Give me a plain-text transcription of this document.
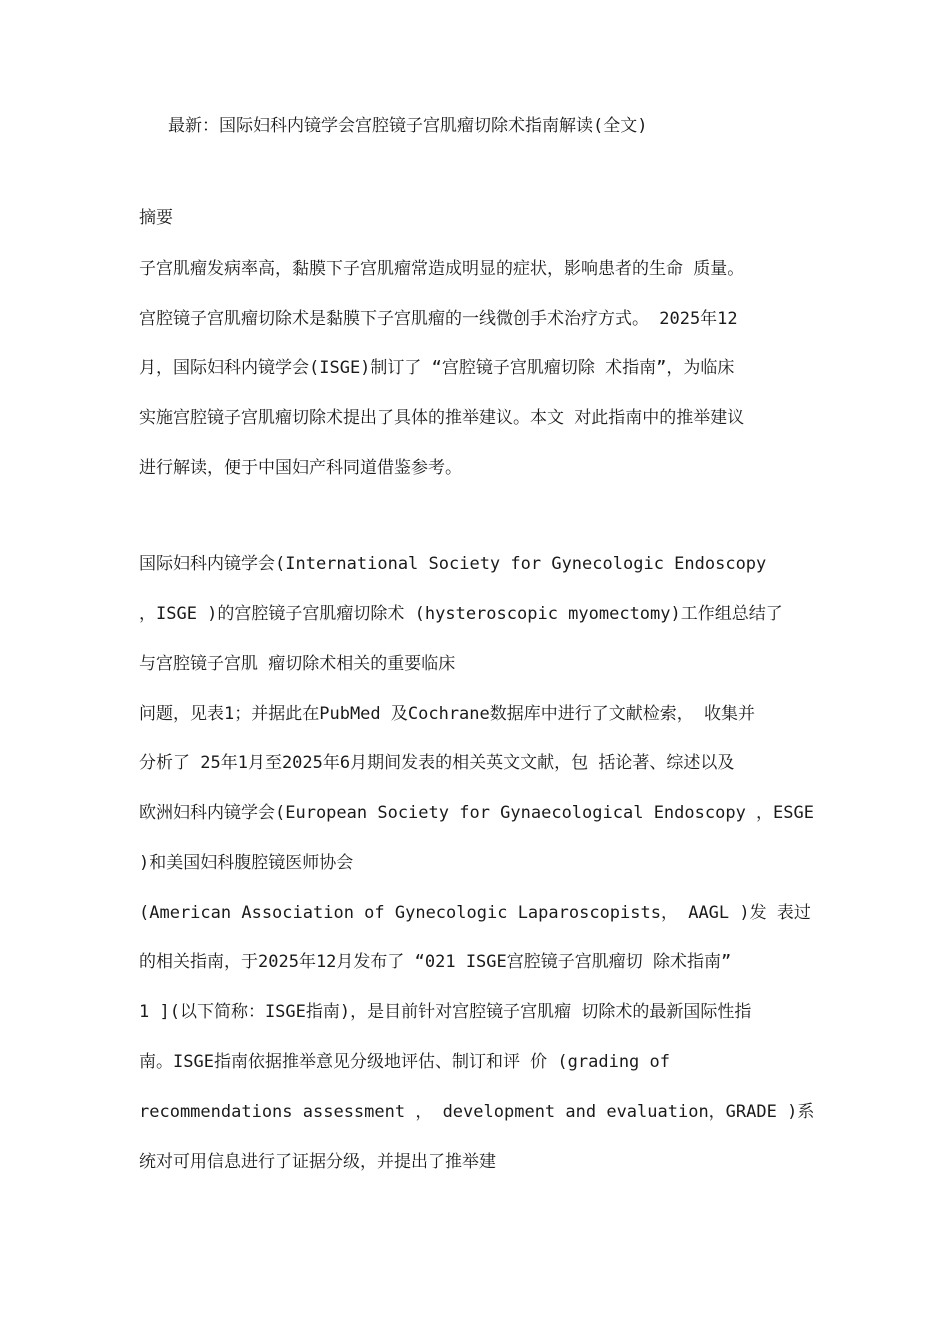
最新：国际妇科内镜学会宫腔镜子宫肌瘤切除术指南解读(全文)
摘要
子宫肌瘤发病率高，黏膜下子宫肌瘤常造成明显的症状，影响患者的生命 质量。
宫腔镜子宫肌瘤切除术是黏膜下子宫肌瘤的一线微创手术治疗方式。 2025年12
月，国际妇科内镜学会(ISGE)制订了 “宫腔镜子宫肌瘤切除 术指南”，为临床
实施宫腔镜子宫肌瘤切除术提出了具体的推举建议。本文 对此指南中的推举建议
进行解读，便于中国妇产科同道借鉴参考。
国际妇科内镜学会(International Society for Gynecologic Endoscopy
，ISGE )的宫腔镜子宫肌瘤切除术 (hysteroscopic myomectomy)工作组总结了
与宫腔镜子宫肌 瘤切除术相关的重要临床
问题，见表1；并据此在PubMed 及Cochrane数据库中进行了文献检索， 收集并
分析了 25年1月至2025年6月期间发表的相关英文文献，包 括论著、综述以及
欧洲妇科内镜学会(European Society for Gynaecological Endoscopy ，ESGE
)和美国妇科腹腔镜医师协会
(American Association of Gynecologic Laparoscopists， AAGL )发 表过
的相关指南，于2025年12月发布了 “021 ISGE宫腔镜子宫肌瘤切 除术指南”
1 ](以下简称：ISGE指南)，是目前针对宫腔镜子宫肌瘤 切除术的最新国际性指
南。ISGE指南依据推举意见分级地评估、制订和评 价 (grading of
recommendations assessment ， development and evaluation，GRADE )系
统对可用信息进行了证据分级，并提出了推举建
